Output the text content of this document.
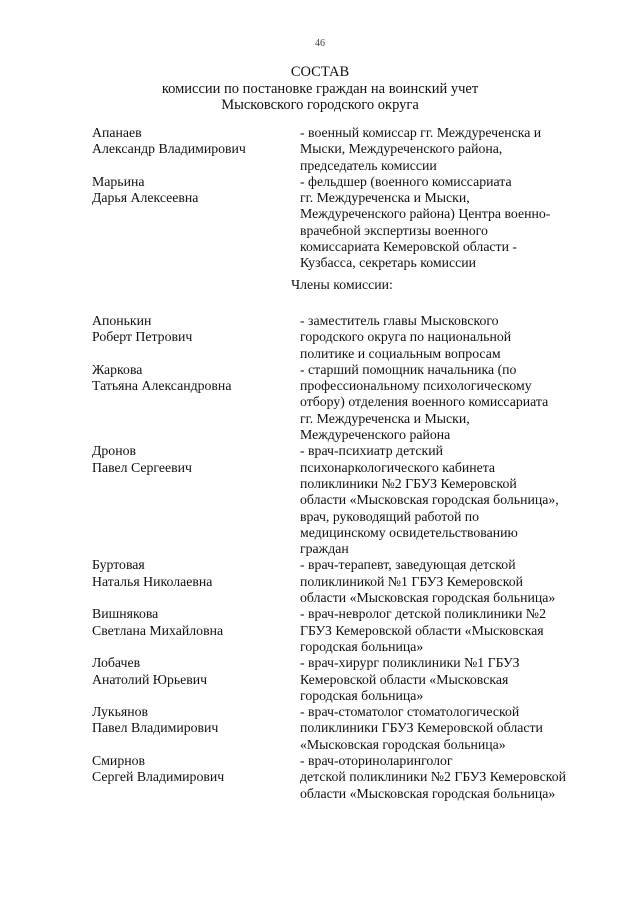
46
СОСТАВ
комиссии по постановке граждан на воинский учет
Мысковского городского округа
Апанаев
Александр Владимирович
- военный комиссар гг. Междуреченска и
Мыски, Междуреченского района,
председатель комиссии
Марьина
Дарья Алексеевна
- фельдшер (военного комиссариата
гг. Междуреченска и Мыски,
Междуреченского района) Центра военно-
врачебной экспертизы военного
комиссариата Кемеровской области -
Кузбасса, секретарь комиссии
Члены комиссии:
Апонькин
Роберт Петрович
- заместитель главы Мысковского
городского округа по национальной
политике и социальным вопросам
Жаркова
Татьяна Александровна
- старший помощник начальника (по
профессиональному психологическому
отбору) отделения военного комиссариата
гг. Междуреченска и Мыски,
Междуреченского района
Дронов
Павел Сергеевич
- врач-психиатр детский
психонаркологического кабинета
поликлиники №2 ГБУЗ Кемеровской
области «Мысковская городская больница»,
врач, руководящий работой по
медицинскому освидетельствованию
граждан
Буртовая
Наталья Николаевна
- врач-терапевт, заведующая детской
поликлиникой №1 ГБУЗ Кемеровской
области «Мысковская городская больница»
Вишнякова
Светлана Михайловна
- врач-невролог детской поликлиники №2
ГБУЗ Кемеровской области «Мысковская
городская больница»
Лобачев
Анатолий Юрьевич
- врач-хирург поликлиники №1 ГБУЗ
Кемеровской области «Мысковская
городская больница»
Лукьянов
Павел Владимирович
- врач-стоматолог стоматологической
поликлиники ГБУЗ Кемеровской области
«Мысковская городская больница»
Смирнов
Сергей Владимирович
- врач-оториноларинголог
детской поликлиники №2 ГБУЗ Кемеровской
области «Мысковская городская больница»
